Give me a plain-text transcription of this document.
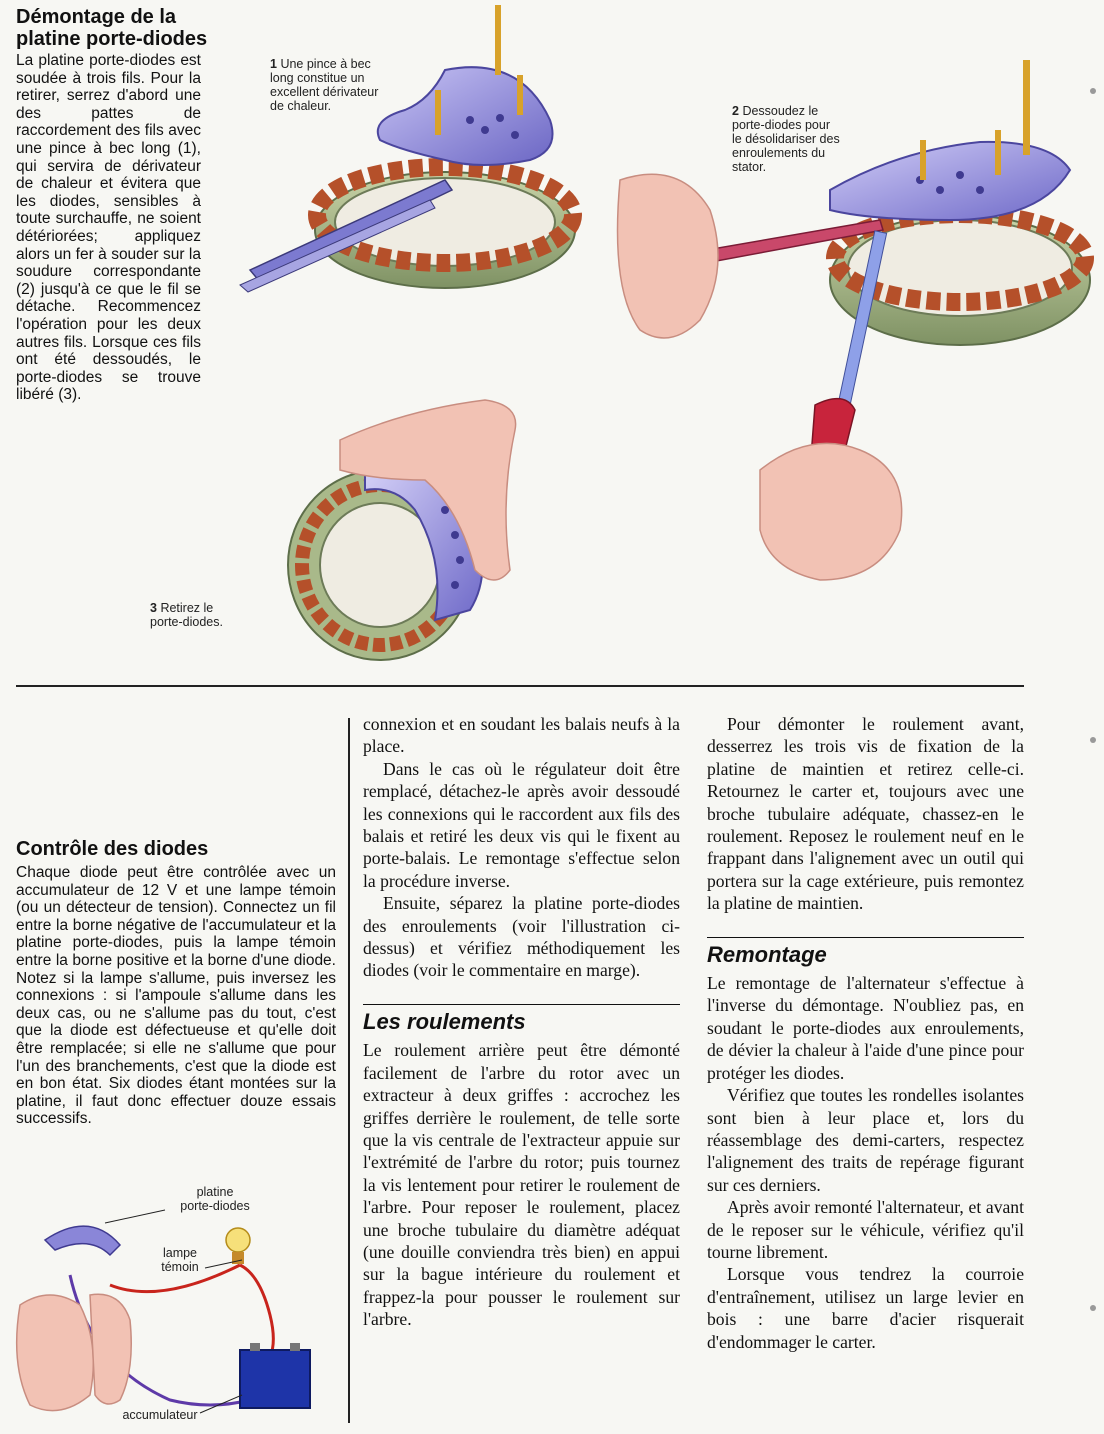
Démontage de la
platine porte-diodes

La platine porte-diodes est soudée à trois fils. Pour la retirer, serrez d'abord une des pattes de raccordement des fils avec une pince à bec long (1), qui servira de dérivateur de chaleur et évitera que les diodes, sensibles à toute surchauffe, ne soient détériorées; appliquez alors un fer à souder sur la soudure correspondante (2) jusqu'à ce que le fil se détache. Recommencez l'opération pour les deux autres fils. Lorsque ces fils ont été dessoudés, le porte-diodes se trouve libéré (3).

1 Une pince à bec
long constitue un
excellent dérivateur
de chaleur.	2 Dessoudez le
porte-diodes pour
le désolidariser des
enroulements du
stator.
3 Retirez le
porte-diodes.
Contrôle des diodes

Chaque diode peut être contrôlée avec un accumulateur de 12 V et une lampe témoin (ou un détecteur de tension). Connectez un fil entre la borne négative de l'accumulateur et la platine porte-diodes, puis la lampe témoin entre la borne positive et la borne d'une diode. Notez si la lampe s'allume, puis inversez les connexions : si l'ampoule s'allume dans les deux cas, ou ne s'allume pas du tout, c'est que la diode est défectueuse et qu'elle doit être remplacée; si elle ne s'allume que pour l'un des branchements, c'est que la diode est en bon état. Six diodes étant montées sur la platine, il faut donc effectuer douze essais successifs.

platine
porte-diodes
lampe
témoin
accumulateur

connexion et en soudant les balais neufs à la place.

Dans le cas où le régulateur doit être remplacé, détachez-le après avoir dessoudé les connexions qui le raccordent aux fils des balais et retiré les deux vis qui le fixent au porte-balais. Le remontage s'effectue selon la procédure inverse.

Ensuite, séparez la platine porte-diodes des enroulements (voir l'illustration ci-dessus) et vérifiez méthodiquement les diodes (voir le commentaire en marge).

Les roulements

Le roulement arrière peut être démonté facilement de l'arbre du rotor avec un extracteur à deux griffes : accrochez les griffes derrière le roulement, de telle sorte que la vis centrale de l'extracteur appuie sur l'extrémité de l'arbre du rotor; puis tournez la vis lentement pour retirer le roulement de l'arbre. Pour reposer le roulement, placez une broche tubulaire du diamètre adéquat (une douille conviendra très bien) en appui sur la bague intérieure du roulement et frappez-la pour pousser le roulement sur l'arbre.

Pour démonter le roulement avant, desserrez les trois vis de fixation de la platine de maintien et retirez celle-ci. Retournez le carter et, toujours avec une broche tubulaire adéquate, chassez-en le roulement. Reposez le roulement neuf en le frappant dans l'alignement avec un outil qui portera sur la cage extérieure, puis remontez la platine de maintien.

Remontage

Le remontage de l'alternateur s'effectue à l'inverse du démontage. N'oubliez pas, en soudant le porte-diodes aux enroulements, de dévier la chaleur à l'aide d'une pince pour protéger les diodes.

Vérifiez que toutes les rondelles isolantes sont bien à leur place et, lors du réassemblage des demi-carters, respectez l'alignement des traits de repérage figurant sur ces derniers.

Après avoir remonté l'alternateur, et avant de le reposer sur le véhicule, vérifiez qu'il tourne librement.

Lorsque vous tendrez la courroie d'entraînement, utilisez un large levier en bois : une barre d'acier risquerait d'endommager le carter.
